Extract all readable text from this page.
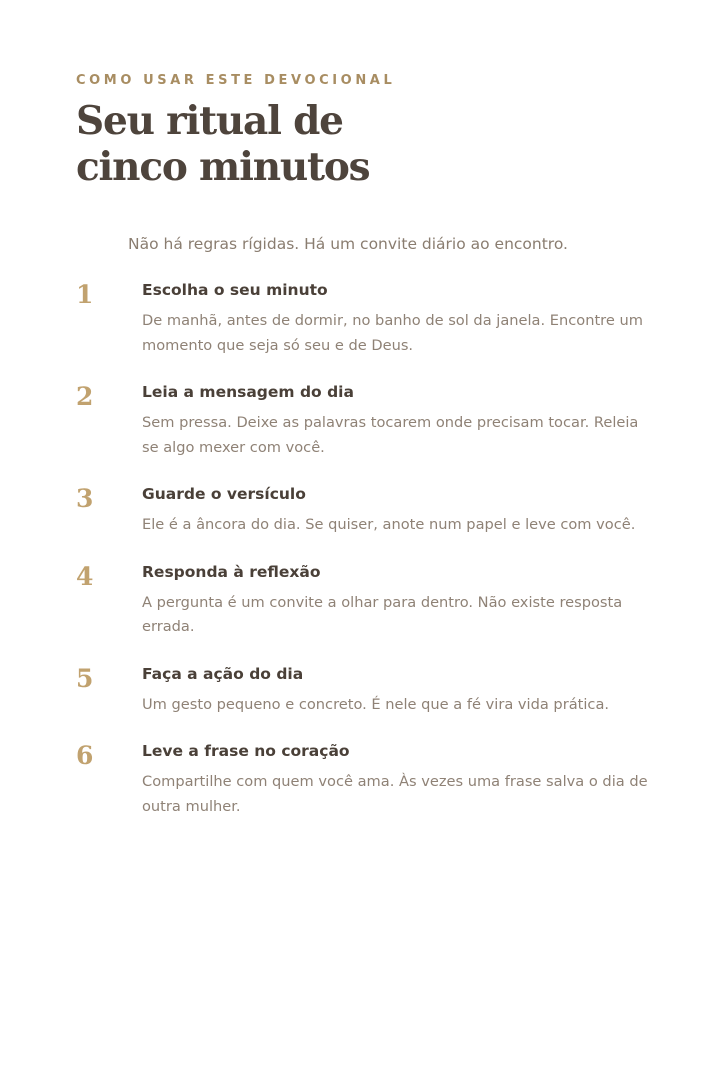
COMO USAR ESTE DEVOCIONAL
Seu ritual de
cinco minutos

Não há regras rígidas. Há um convite diário ao encontro.

1	Escolha o seu minuto

De manhã, antes de dormir, no banho de sol da janela. Encontre um momento que seja só seu e de Deus.

2	Leia a mensagem do dia

Sem pressa. Deixe as palavras tocarem onde precisam tocar. Releia se algo mexer com você.

3	Guarde o versículo

Ele é a âncora do dia. Se quiser, anote num papel e leve com você.

4	Responda à reflexão

A pergunta é um convite a olhar para dentro. Não existe resposta errada.

5	Faça a ação do dia

Um gesto pequeno e concreto. É nele que a fé vira vida prática.

6	Leve a frase no coração

Compartilhe com quem você ama. Às vezes uma frase salva o dia de outra mulher.
